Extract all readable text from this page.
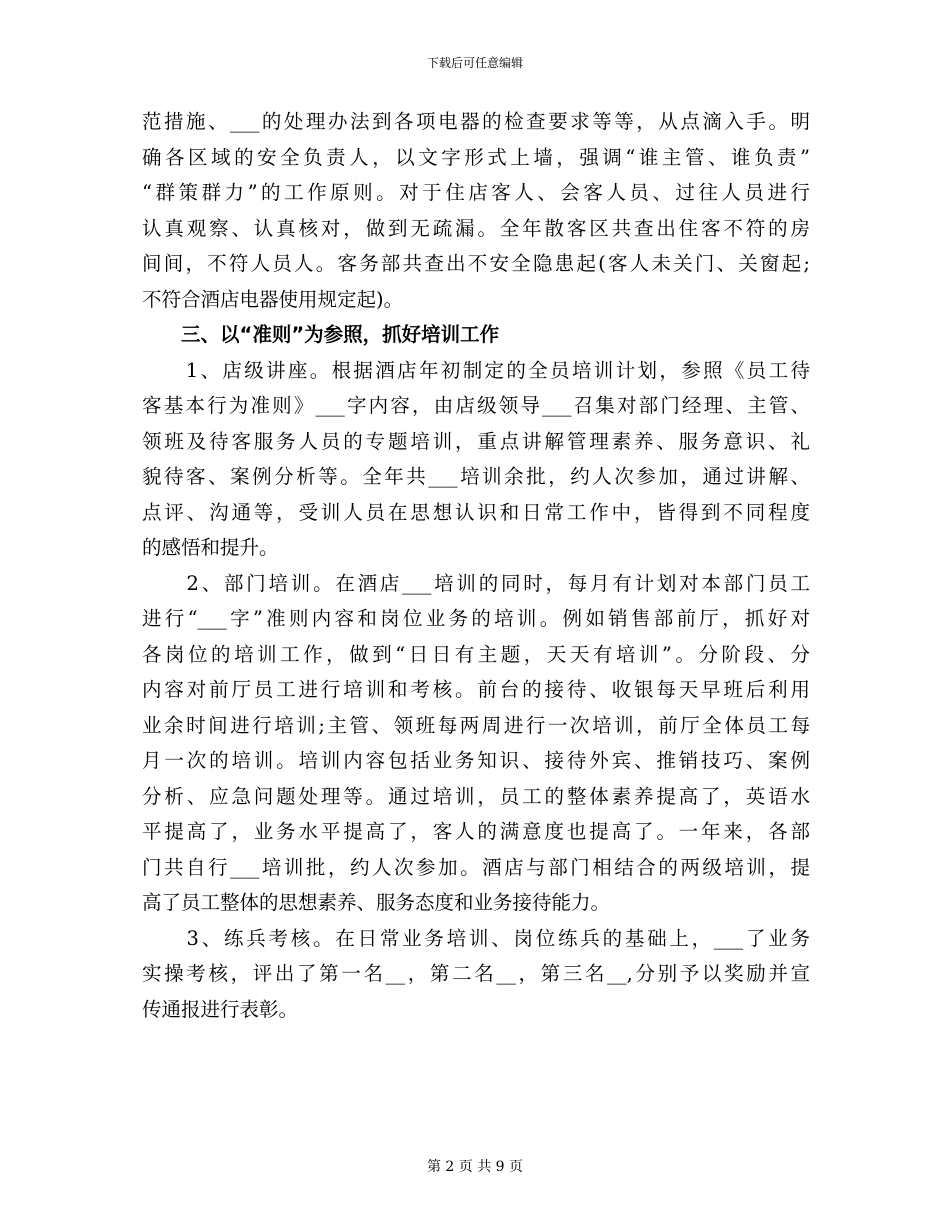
下载后可任意编辑
范措施、___的处理办法到各项电器的检查要求等等，从点滴入手。明
确各区域的安全负责人，以文字形式上墙，强调“谁主管、谁负责”
“群策群力”的工作原则。对于住店客人、会客人员、过往人员进行
认真观察、认真核对，做到无疏漏。全年散客区共查出住客不符的房
间间，不符人员人。客务部共查出不安全隐患起(客人未关门、关窗起;
不符合酒店电器使用规定起)。
三、以“准则”为参照，抓好培训工作
　　1、店级讲座。根据酒店年初制定的全员培训计划，参照《员工待
客基本行为准则》___字内容，由店级领导___召集对部门经理、主管、
领班及待客服务人员的专题培训，重点讲解管理素养、服务意识、礼
貌待客、案例分析等。全年共___培训余批，约人次参加，通过讲解、
点评、沟通等，受训人员在思想认识和日常工作中，皆得到不同程度
的感悟和提升。
　　2、部门培训。在酒店___培训的同时，每月有计划对本部门员工
进行“___字”准则内容和岗位业务的培训。例如销售部前厅，抓好对
各岗位的培训工作，做到“日日有主题，天天有培训”。分阶段、分
内容对前厅员工进行培训和考核。前台的接待、收银每天早班后利用
业余时间进行培训;主管、领班每两周进行一次培训，前厅全体员工每
月一次的培训。培训内容包括业务知识、接待外宾、推销技巧、案例
分析、应急问题处理等。通过培训，员工的整体素养提高了，英语水
平提高了，业务水平提高了，客人的满意度也提高了。一年来，各部
门共自行___培训批，约人次参加。酒店与部门相结合的两级培训，提
高了员工整体的思想素养、服务态度和业务接待能力。
　　3、练兵考核。在日常业务培训、岗位练兵的基础上，___了业务
实操考核，评出了第一名__，第二名__，第三名__,分别予以奖励并宣
传通报进行表彰。
第 2 页 共 9 页
